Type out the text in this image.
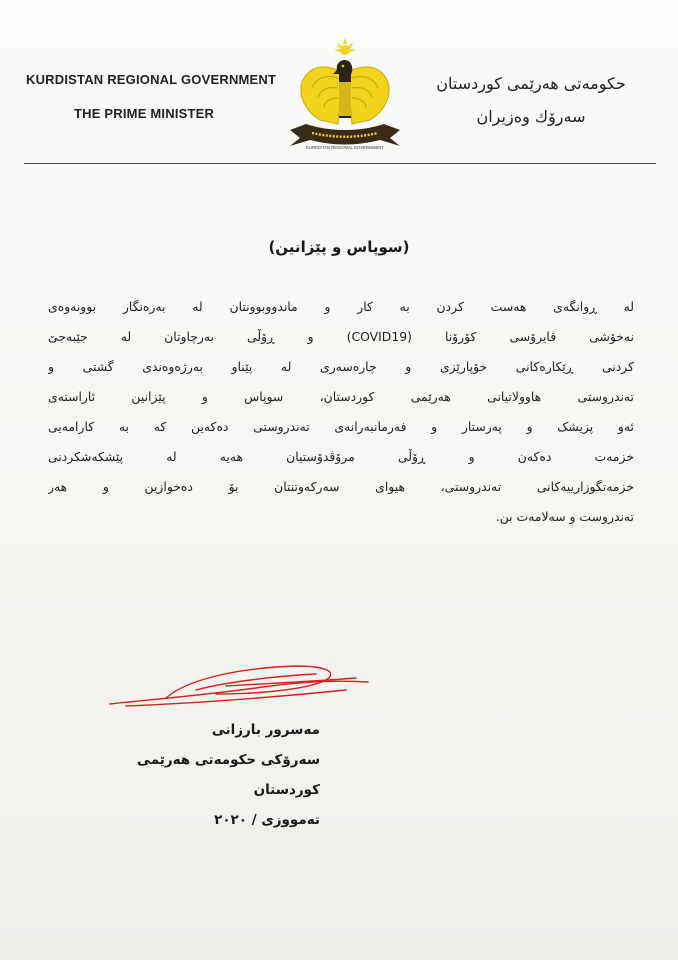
KURDISTAN REGIONAL GOVERNMENT
THE PRIME MINISTER
KURDISTAN REGIONAL GOVERNMENT
حکومەتی هەرێمی کوردستان
سەرۆك وەزیران
(سوپاس و پێزانین)

لە ڕوانگەی هەست کردن بە کار و ماندووبوونتان لە بەرەنگار بوونەوەی

نەخۆشی ڤایرۆسی کۆرۆنا (COVID19) و ڕۆڵی بەرچاوتان لە جێبەجێ

کردنی ڕێکارەکانی خۆپارێزی و چارەسەری لە پێناو بەرژەوەندی گشتی و

تەندروستی هاوولاتیانی هەرێمی کوردستان، سوپاس و پێزانین ئاراستەی

ئەو پزیشک و پەرستار و فەرمانبەرانەی تەندروستی دەکەین کە بە کارامەیی

خزمەت دەکەن و ڕۆڵی مرۆڤدۆستیان هەیە لە پێشکەشکردنی

خزمەتگوزارییەکانی تەندروستی، هیوای سەرکەوتنتان بۆ دەخوازین و هەر

تەندروست و سەلامەت بن.

مەسرور بارزانی
سەرۆکی حکومەتی هەرێمی کوردستان
تەمووزی / ٢٠٢٠
